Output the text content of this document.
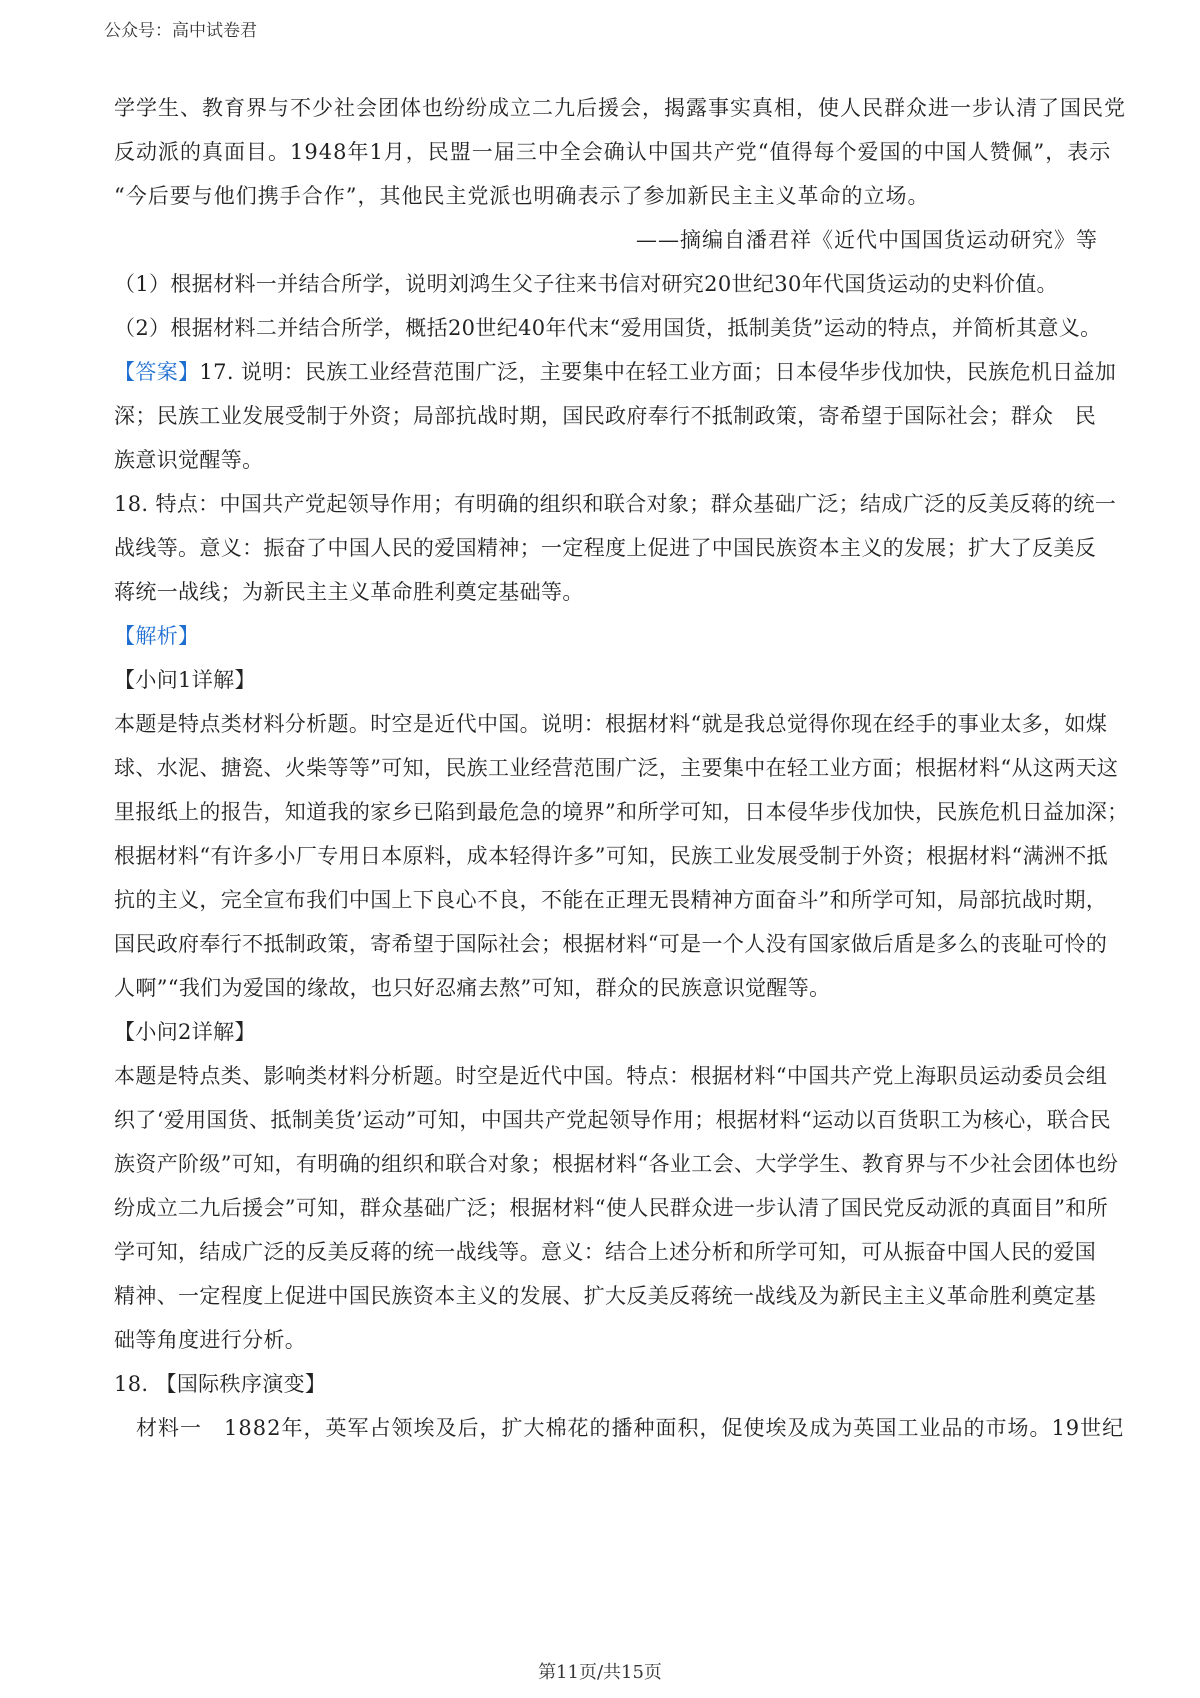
公众号：高中试卷君
学学生、教育界与不少社会团体也纷纷成立二九后援会，揭露事实真相，使人民群众进一步认清了国民党
反动派的真面目。1948年1月，民盟一届三中全会确认中国共产党“值得每个爱国的中国人赞佩”，表示
“今后要与他们携手合作”，其他民主党派也明确表示了参加新民主主义革命的立场。
——摘编自潘君祥《近代中国国货运动研究》等
（1）根据材料一并结合所学，说明刘鸿生父子往来书信对研究20世纪30年代国货运动的史料价值。
（2）根据材料二并结合所学，概括20世纪40年代末“爱用国货，抵制美货”运动的特点，并简析其意义。
【答案】17. 说明：民族工业经营范围广泛，主要集中在轻工业方面；日本侵华步伐加快，民族危机日益加
深；民族工业发展受制于外资；局部抗战时期，国民政府奉行不抵制政策，寄希望于国际社会；群众　民
族意识觉醒等。
18. 特点：中国共产党起领导作用；有明确的组织和联合对象；群众基础广泛；结成广泛的反美反蒋的统一
战线等。意义：振奋了中国人民的爱国精神；一定程度上促进了中国民族资本主义的发展；扩大了反美反
蒋统一战线；为新民主主义革命胜利奠定基础等。
【解析】
【小问1详解】
本题是特点类材料分析题。时空是近代中国。说明：根据材料“就是我总觉得你现在经手的事业太多，如煤
球、水泥、搪瓷、火柴等等”可知，民族工业经营范围广泛，主要集中在轻工业方面；根据材料“从这两天这
里报纸上的报告，知道我的家乡已陷到最危急的境界”和所学可知，日本侵华步伐加快，民族危机日益加深；
根据材料“有许多小厂专用日本原料，成本轻得许多”可知，民族工业发展受制于外资；根据材料“满洲不抵
抗的主义，完全宣布我们中国上下良心不良，不能在正理无畏精神方面奋斗”和所学可知，局部抗战时期，
国民政府奉行不抵制政策，寄希望于国际社会；根据材料“可是一个人没有国家做后盾是多么的丧耻可怜的
人啊”“我们为爱国的缘故，也只好忍痛去熬”可知，群众的民族意识觉醒等。
【小问2详解】
本题是特点类、影响类材料分析题。时空是近代中国。特点：根据材料“中国共产党上海职员运动委员会组
织了‘爱用国货、抵制美货’运动”可知，中国共产党起领导作用；根据材料“运动以百货职工为核心，联合民
族资产阶级”可知，有明确的组织和联合对象；根据材料“各业工会、大学学生、教育界与不少社会团体也纷
纷成立二九后援会”可知，群众基础广泛；根据材料“使人民群众进一步认清了国民党反动派的真面目”和所
学可知，结成广泛的反美反蒋的统一战线等。意义：结合上述分析和所学可知，可从振奋中国人民的爱国
精神、一定程度上促进中国民族资本主义的发展、扩大反美反蒋统一战线及为新民主主义革命胜利奠定基
础等角度进行分析。
18. 【国际秩序演变】
　材料一　1882年，英军占领埃及后，扩大棉花的播种面积，促使埃及成为英国工业品的市场。19世纪
第11页/共15页
